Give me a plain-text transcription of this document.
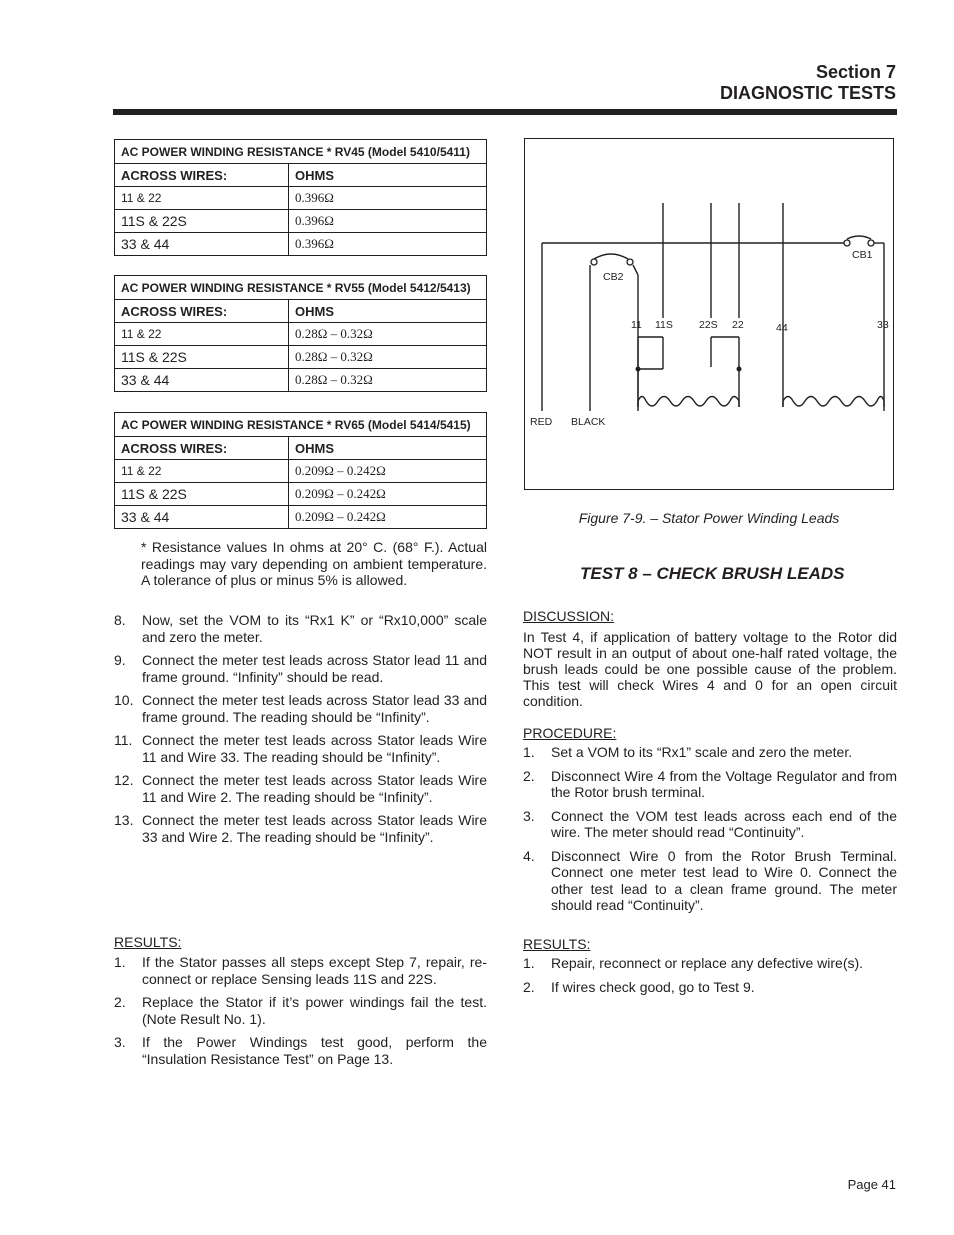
Section 7
DIAGNOSTIC TESTS
AC POWER WINDING RESISTANCE * RV45 (Model 5410/5411)	
ACROSS WIRES:	OHMS
11 & 22	0.396Ω
11S & 22S	0.396Ω
33 & 44	0.396Ω
AC POWER WINDING RESISTANCE * RV55 (Model 5412/5413)	
ACROSS WIRES:	OHMS
11 & 22	0.28Ω – 0.32Ω
11S & 22S	0.28Ω – 0.32Ω
33 & 44	0.28Ω – 0.32Ω
AC POWER WINDING RESISTANCE * RV65 (Model 5414/5415)	
ACROSS WIRES:	OHMS
11 & 22	0.209Ω – 0.242Ω
11S & 22S	0.209Ω – 0.242Ω
33 & 44	0.209Ω – 0.242Ω
* Resistance values In ohms at 20° C. (68° F.). Actual readings may vary depending on ambient temperature. A tolerance of plus or minus 5% is allowed.
8. Now, set the VOM to its “Rx1 K” or “Rx10,000” scale and zero the meter.
9. Connect the meter test leads across Stator lead 11 and frame ground. “Infinity” should be read.
10. Connect the meter test leads across Stator lead 33 and frame ground. The reading should be “Infinity”.
11. Connect the meter test leads across Stator leads Wire 11 and Wire 33. The reading should be “Infinity”.
12. Connect the meter test leads across Stator leads Wire 11 and Wire 2. The reading should be “Infinity”.
13. Connect the meter test leads across Stator leads Wire 33 and Wire 2. The reading should be “Infinity”.
RESULTS:
1. If the Stator passes all steps except Step 7, repair, re-connect or replace Sensing leads 11S and 22S.
2. Replace the Stator if it’s power windings fail the test. (Note Result No. 1).
3. If the Power Windings test good, perform the “Insulation Resistance Test” on Page 13.
CB1
CB2
11 11S 22S 22	44	33
RED BLACK
Figure 7-9. – Stator Power Winding Leads
TEST 8 – CHECK BRUSH LEADS
DISCUSSION:
In Test 4, if application of battery voltage to the Rotor did NOT result in an output of about one-half rated voltage, the brush leads could be one possible cause of the problem. This test will check Wires 4 and 0 for an open circuit condition.
PROCEDURE:
1. Set a VOM to its “Rx1” scale and zero the meter.
2. Disconnect Wire 4 from the Voltage Regulator and from the Rotor brush terminal.
3. Connect the VOM test leads across each end of the wire. The meter should read “Continuity”.
4. Disconnect Wire 0 from the Rotor Brush Terminal. Connect one meter test lead to Wire 0. Connect the other test lead to a clean frame ground. The meter should read “Continuity”.
RESULTS:
1. Repair, reconnect or replace any defective wire(s).
2. If wires check good, go to Test 9.
Page 41
